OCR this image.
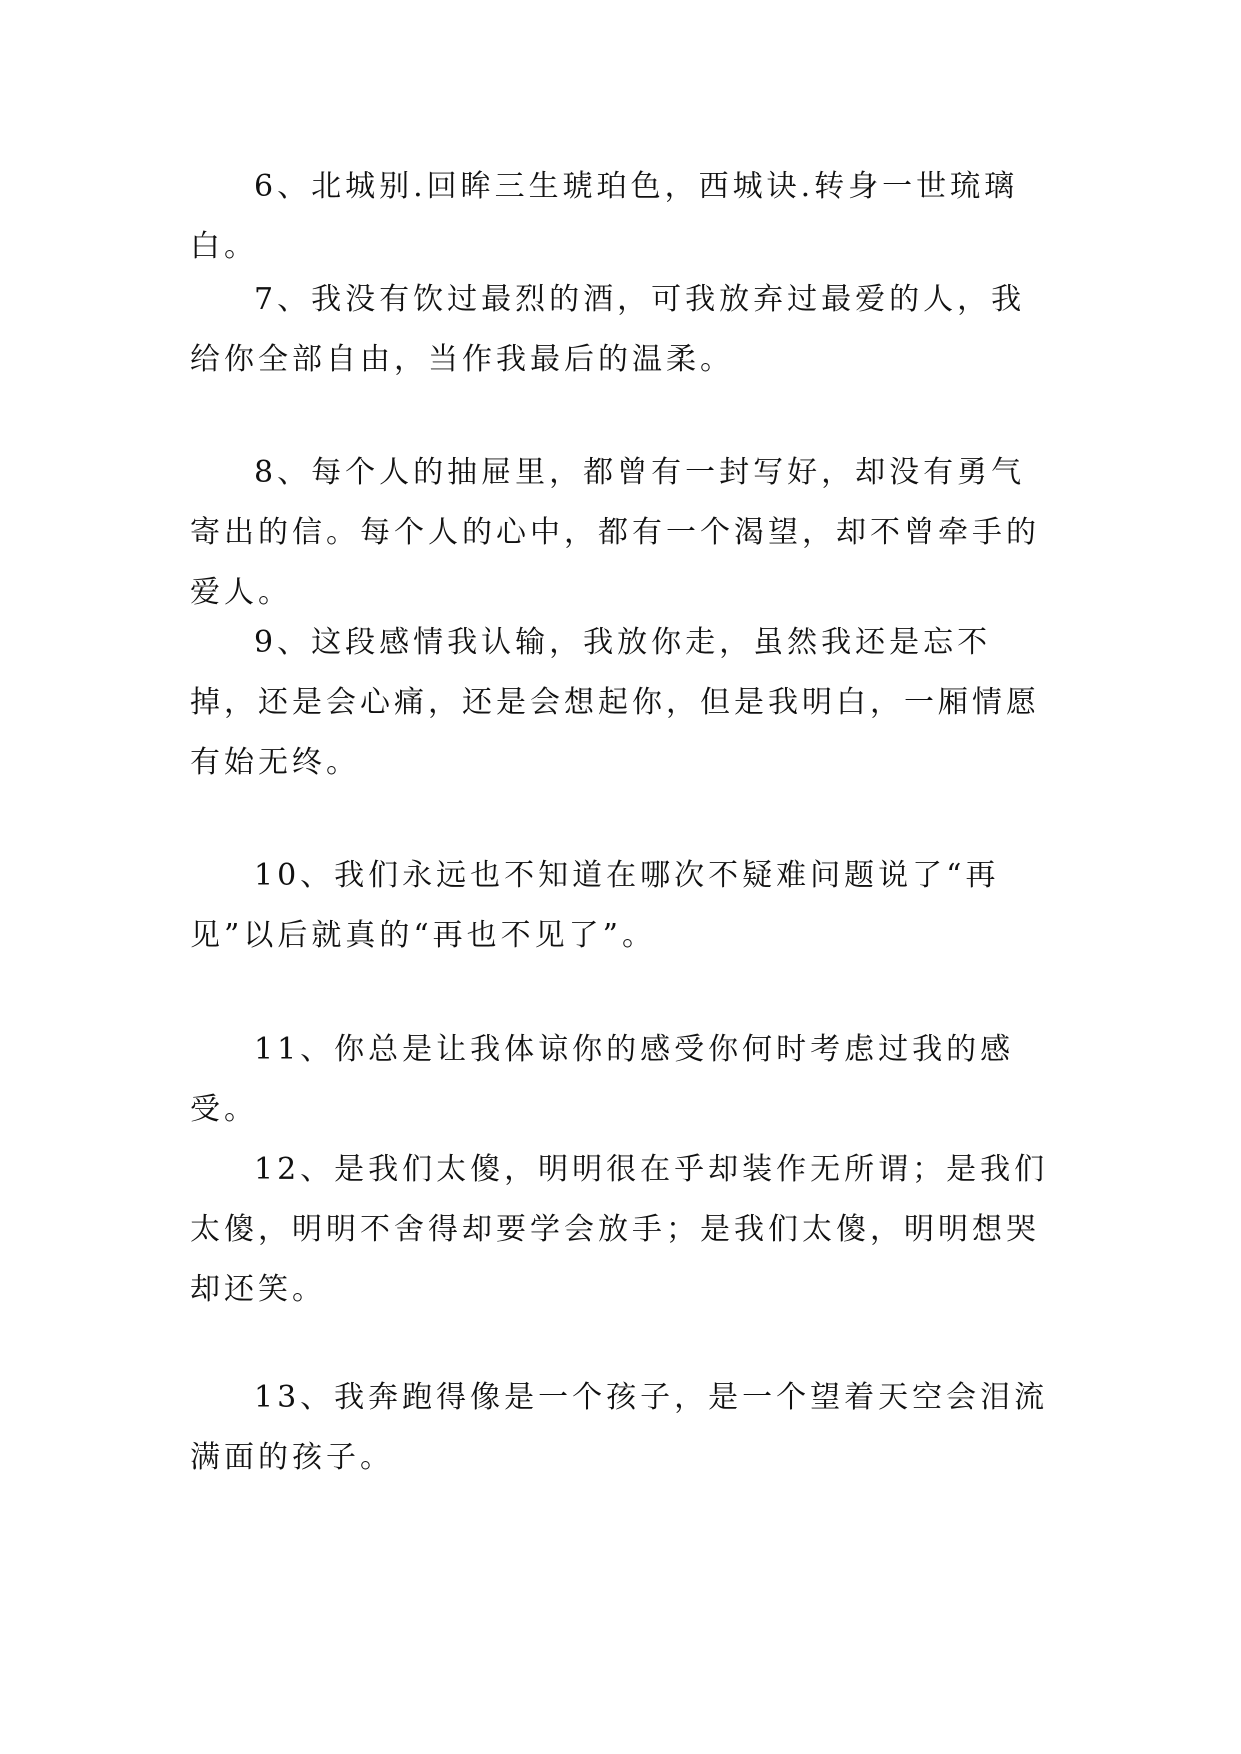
6、北城别.回眸三生琥珀色，西城诀.转身一世琉璃白。

7、我没有饮过最烈的酒，可我放弃过最爱的人，我给你全部自由，当作我最后的温柔。

8、每个人的抽屉里，都曾有一封写好，却没有勇气寄出的信。每个人的心中，都有一个渴望，却不曾牵手的爱人。

9、这段感情我认输，我放你走，虽然我还是忘不掉，还是会心痛，还是会想起你，但是我明白，一厢情愿有始无终。

10、我们永远也不知道在哪次不疑难问题说了“再见”以后就真的“再也不见了”。

11、你总是让我体谅你的感受你何时考虑过我的感受。

12、是我们太傻，明明很在乎却装作无所谓；是我们太傻，明明不舍得却要学会放手；是我们太傻，明明想哭却还笑。

13、我奔跑得像是一个孩子，是一个望着天空会泪流满面的孩子。
